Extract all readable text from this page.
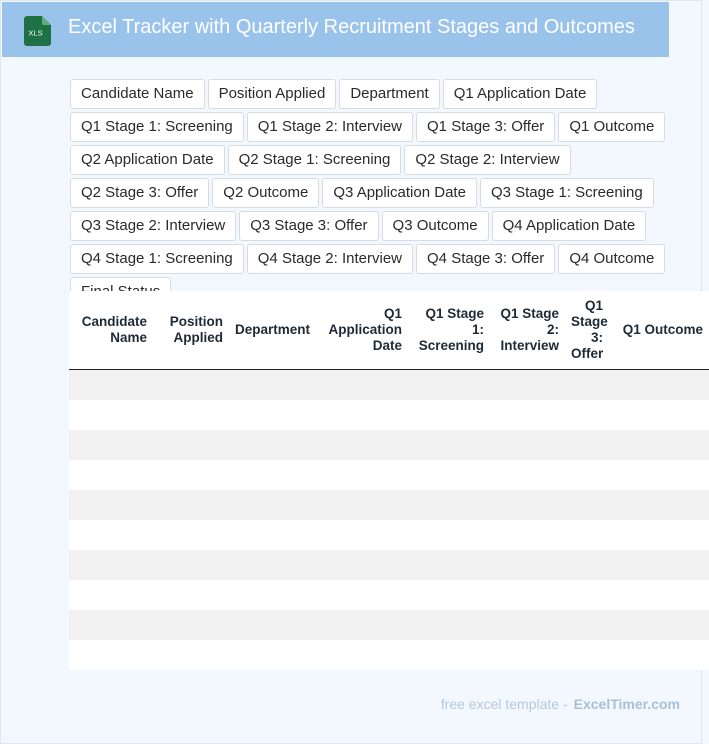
XLS Excel Tracker with Quarterly Recruitment Stages and Outcomes
Candidate Name	Position Applied	Department	Q1 Application Date
Q1 Stage 1: Screening	Q1 Stage 2: Interview	Q1 Stage 3: Offer	Q1 Outcome
Q2 Application Date	Q2 Stage 1: Screening	Q2 Stage 2: Interview
Q2 Stage 3: Offer	Q2 Outcome	Q3 Application Date	Q3 Stage 1: Screening
Q3 Stage 2: Interview	Q3 Stage 3: Offer	Q3 Outcome	Q4 Application Date
Q4 Stage 1: Screening	Q4 Stage 2: Interview	Q4 Stage 3: Offer	Q4 Outcome
Candidate Name	Position Applied	Department	Q1 Application Date	Q1 Stage 1: Screening	Q1 Stage 2: Interview	Q1 Stage 3: Offer	Q1 Outcome

free excel template - ExcelTimer.com
